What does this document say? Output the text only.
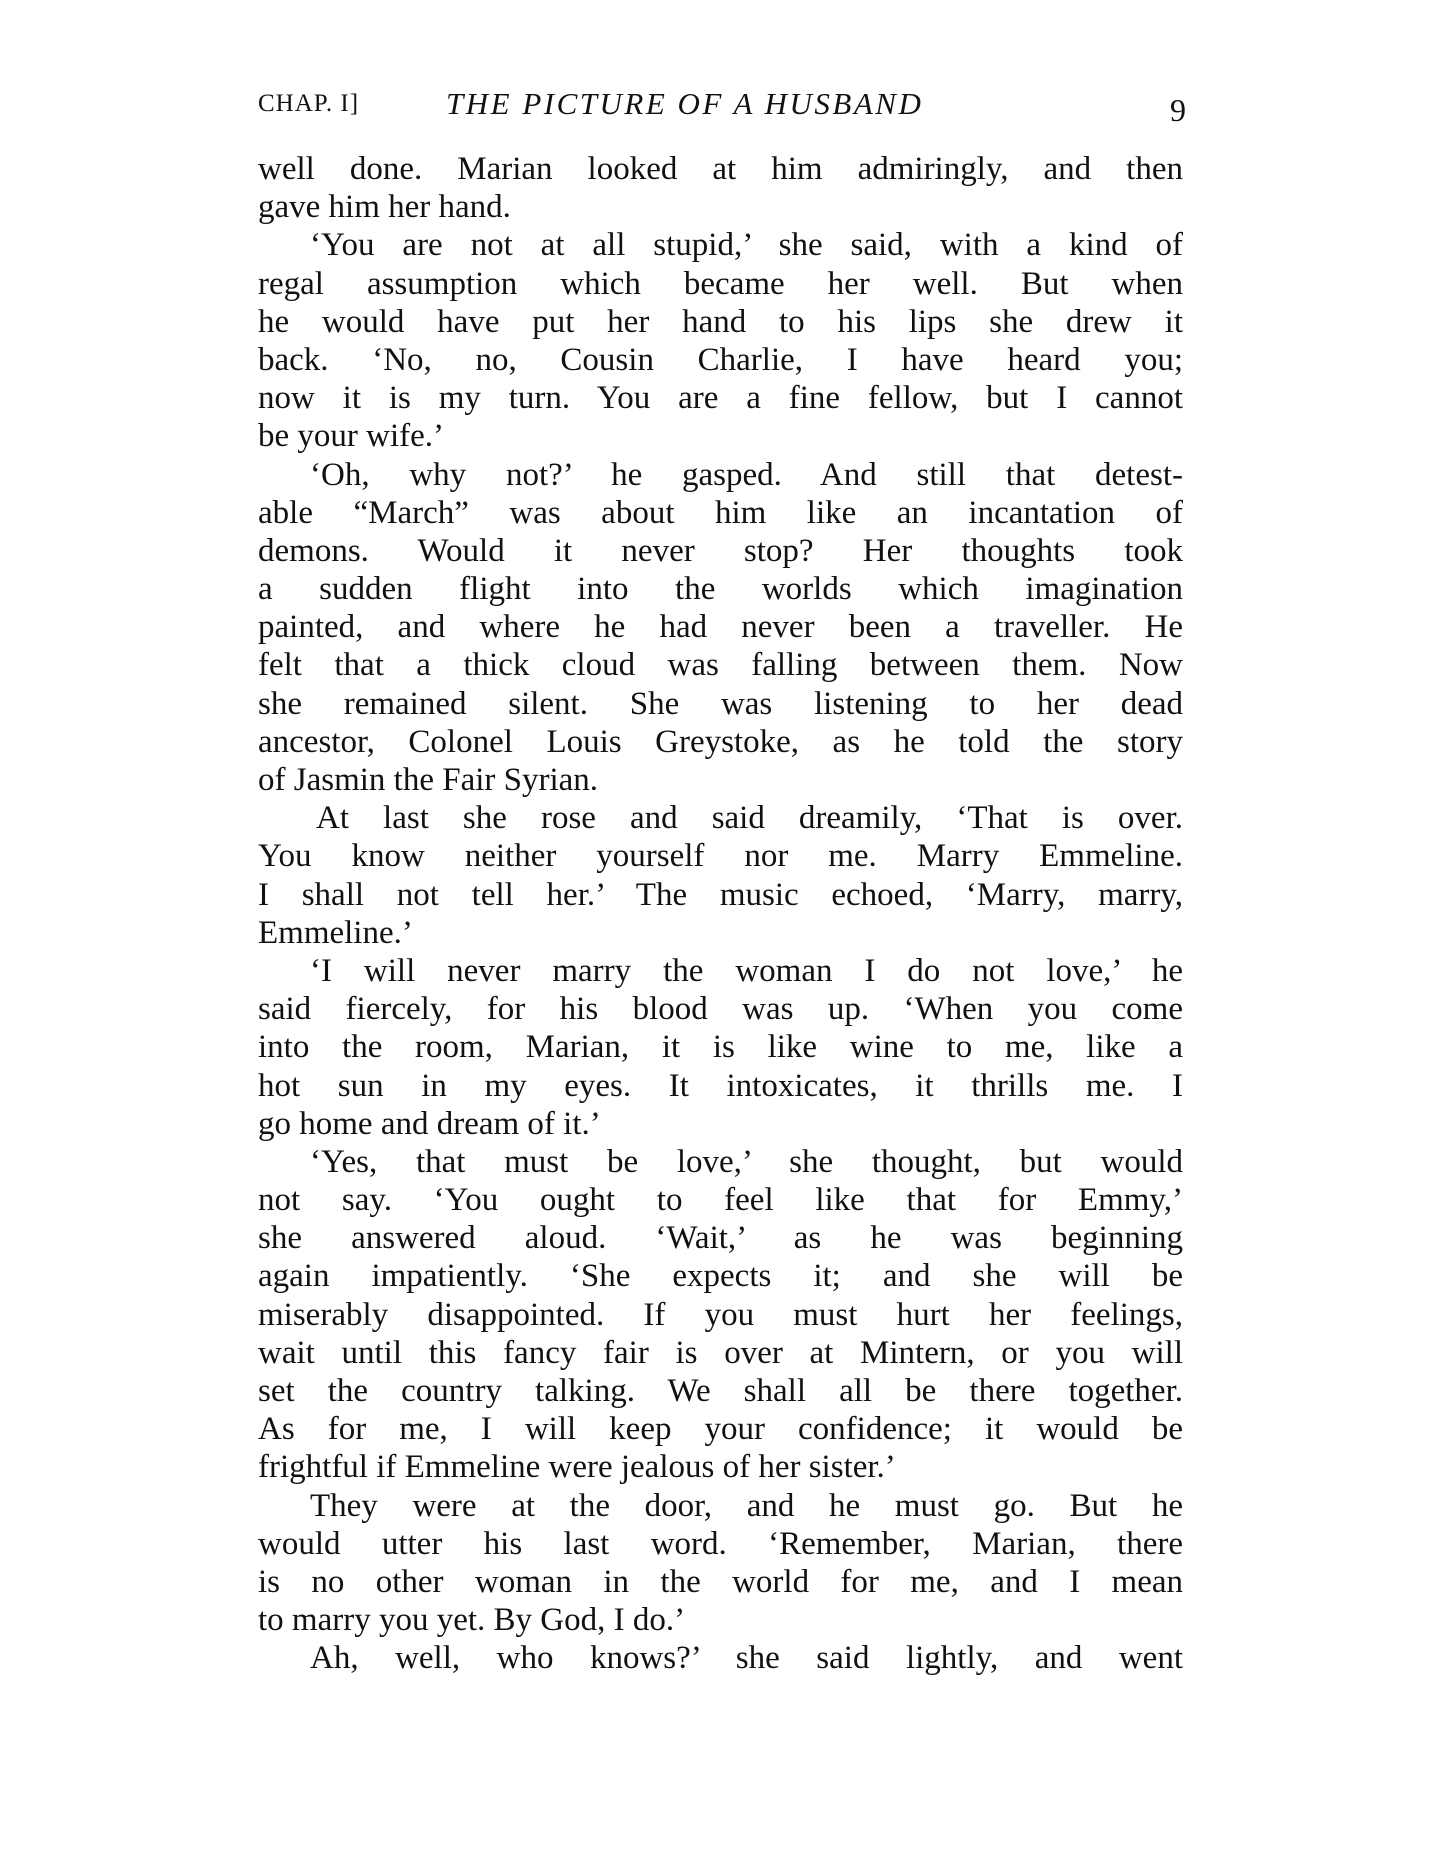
CHAP. I]	THE PICTURE OF A HUSBAND	9
well done. Marian looked at him admiringly, and then
gave him her hand.
‘You are not at all stupid,’ she said, with a kind of
regal assumption which became her well. But when
he would have put her hand to his lips she drew it
back. ‘No, no, Cousin Charlie, I have heard you;
now it is my turn. You are a fine fellow, but I cannot
be your wife.’
‘Oh, why not?’ he gasped. And still that detest-
able “March” was about him like an incantation of
demons. Would it never stop? Her thoughts took
a sudden flight into the worlds which imagination
painted, and where he had never been a traveller. He
felt that a thick cloud was falling between them. Now
she remained silent. She was listening to her dead
ancestor, Colonel Louis Greystoke, as he told the story
of Jasmin the Fair Syrian.
At last she rose and said dreamily, ‘That is over.
You know neither yourself nor me. Marry Emmeline.
I shall not tell her.’ The music echoed, ‘Marry, marry,
Emmeline.’
‘I will never marry the woman I do not love,’ he
said fiercely, for his blood was up. ‘When you come
into the room, Marian, it is like wine to me, like a
hot sun in my eyes. It intoxicates, it thrills me. I
go home and dream of it.’
‘Yes, that must be love,’ she thought, but would
not say. ‘You ought to feel like that for Emmy,’
she answered aloud. ‘Wait,’ as he was beginning
again impatiently. ‘She expects it; and she will be
miserably disappointed. If you must hurt her feelings,
wait until this fancy fair is over at Mintern, or you will
set the country talking. We shall all be there together.
As for me, I will keep your confidence; it would be
frightful if Emmeline were jealous of her sister.’
They were at the door, and he must go. But he
would utter his last word. ‘Remember, Marian, there
is no other woman in the world for me, and I mean
to marry you yet. By God, I do.’
Ah, well, who knows?’ she said lightly, and went
